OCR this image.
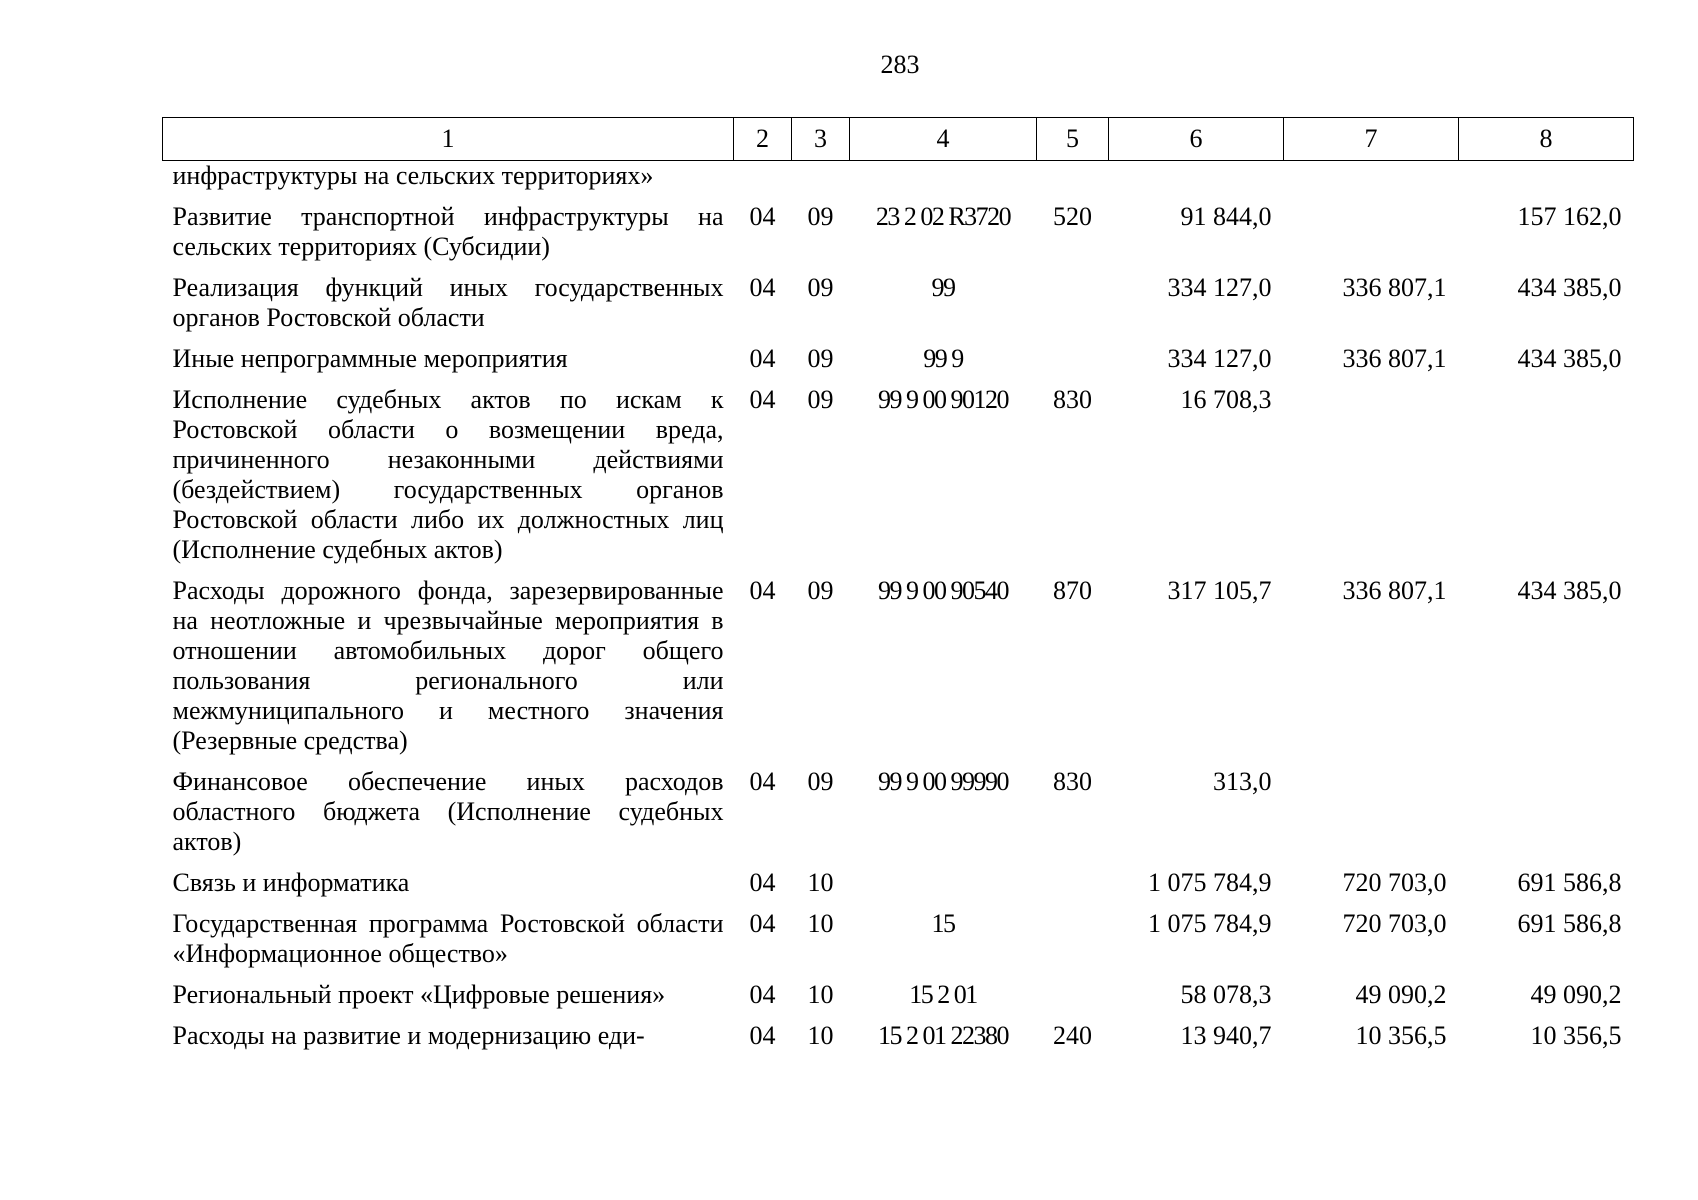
283
1	2	3	4	5	6	7	8
инфраструктуры на сельских территориях»							
Развитие транспортной инфраструктуры на сельских территориях (Субсидии)	04	09	23 2 02 R3720	520	91 844,0		157 162,0
Реализация функций иных государственных органов Ростовской области	04	09	99		334 127,0	336 807,1	434 385,0
Иные непрограммные мероприятия	04	09	99 9		334 127,0	336 807,1	434 385,0
Исполнение судебных актов по искам к Ростовской области о возмещении вреда, причиненного незаконными действиями (бездействием) государственных органов Ростовской области либо их должностных лиц (Исполнение судебных актов)	04	09	99 9 00 90120	830	16 708,3		
Расходы дорожного фонда, зарезервированные на неотложные и чрезвычайные мероприятия в отношении автомобильных дорог общего пользования регионального или межмуниципального и местного значения (Резервные средства)	04	09	99 9 00 90540	870	317 105,7	336 807,1	434 385,0
Финансовое обеспечение иных расходов областного бюджета (Исполнение судебных актов)	04	09	99 9 00 99990	830	313,0		
Связь и информатика	04	10			1 075 784,9	720 703,0	691 586,8
Государственная программа Ростовской области «Информационное общество»	04	10	15		1 075 784,9	720 703,0	691 586,8
Региональный проект «Цифровые решения»	04	10	15 2 01		58 078,3	49 090,2	49 090,2
Расходы на развитие и модернизацию еди-	04	10	15 2 01 22380	240	13 940,7	10 356,5	10 356,5
